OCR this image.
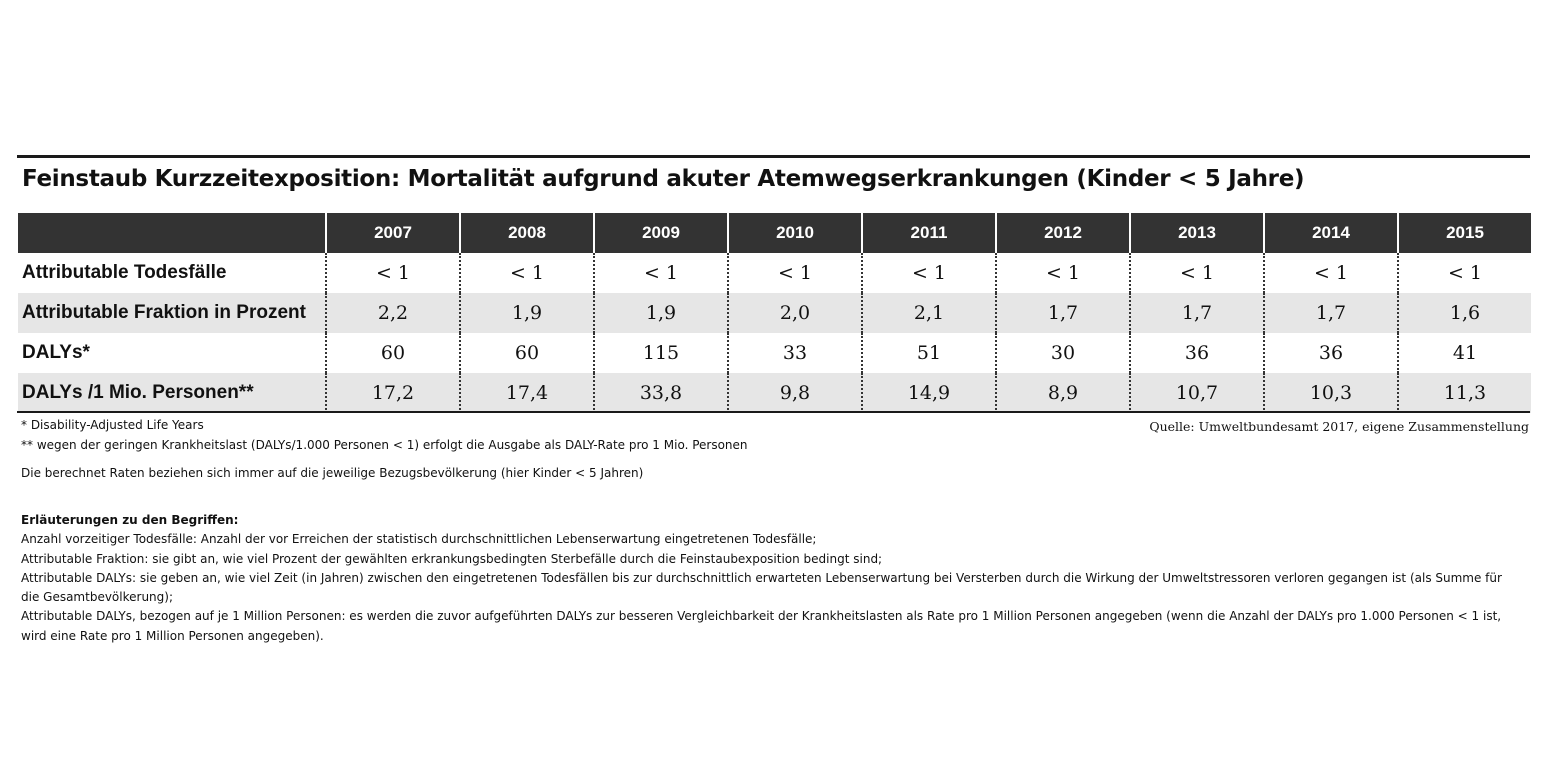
Feinstaub Kurzzeitexposition: Mortalität aufgrund akuter Atemwegserkrankungen (Kinder < 5 Jahre)
	2007	2008	2009	2010	2011	2012	2013	2014	2015
Attributable Todesfälle	< 1	< 1	< 1	< 1	< 1	< 1	< 1	< 1	< 1
Attributable Fraktion in Prozent	2,2	1,9	1,9	2,0	2,1	1,7	1,7	1,7	1,6
DALYs*	60	60	115	33	51	30	36	36	41
DALYs /1 Mio. Personen**	17,2	17,4	33,8	9,8	14,9	8,9	10,7	10,3	11,3
* Disability-Adjusted Life Years
** wegen der geringen Krankheitslast (DALYs/1.000 Personen < 1) erfolgt die Ausgabe als DALY-Rate pro 1 Mio. Personen
Die berechnet Raten beziehen sich immer auf die jeweilige Bezugsbevölkerung (hier Kinder < 5 Jahren)
Quelle: Umweltbundesamt 2017, eigene Zusammenstellung
Erläuterungen zu den Begriffen:
Anzahl vorzeitiger Todesfälle: Anzahl der vor Erreichen der statistisch durchschnittlichen Lebenserwartung eingetretenen Todesfälle;
Attributable Fraktion: sie gibt an, wie viel Prozent der gewählten erkrankungsbedingten Sterbefälle durch die Feinstaubexposition bedingt sind;
Attributable DALYs: sie geben an, wie viel Zeit (in Jahren) zwischen den eingetretenen Todesfällen bis zur durchschnittlich erwarteten Lebenserwartung bei Versterben durch die Wirkung der Umweltstressoren verloren gegangen ist (als Summe für die Gesamtbevölkerung);
Attributable DALYs, bezogen auf je 1 Million Personen: es werden die zuvor aufgeführten DALYs zur besseren Vergleichbarkeit der Krankheitslasten als Rate pro 1 Million Personen angegeben (wenn die Anzahl der DALYs pro 1.000 Personen < 1 ist, wird eine Rate pro 1 Million Personen angegeben).
